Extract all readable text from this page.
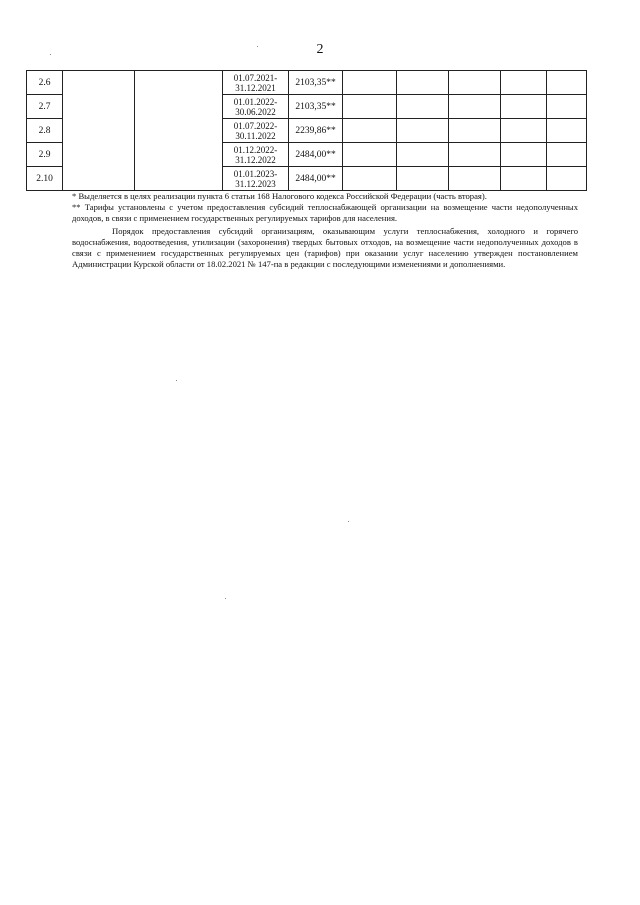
2
2.6			01.07.2021-
31.12.2021	2103,35**					
2.7			01.01.2022-
30.06.2022	2103,35**					
2.8			01.07.2022-
30.11.2022	2239,86**					
2.9			01.12.2022-
31.12.2022	2484,00**					
2.10			01.01.2023-
31.12.2023	2484,00**					

* Выделяется в целях реализации пункта 6 статьи 168 Налогового кодекса Российской Федерации (часть вторая).

** Тарифы установлены с учетом предоставления субсидий теплоснабжающей организации на возмещение части недополученных доходов, в связи с применением государственных регулируемых тарифов для населения.

Порядок предоставления субсидий организациям, оказывающим услуги теплоснабжения, холодного и горячего водоснабжения, водоотведения, утилизации (захоронения) твердых бытовых отходов, на возмещение части недополученных доходов в связи с применением государственных регулируемых цен (тарифов) при оказании услуг населению утвержден постановлением Администрации Курской области от 18.02.2021 № 147-па в редакции с последующими изменениями и дополнениями.
